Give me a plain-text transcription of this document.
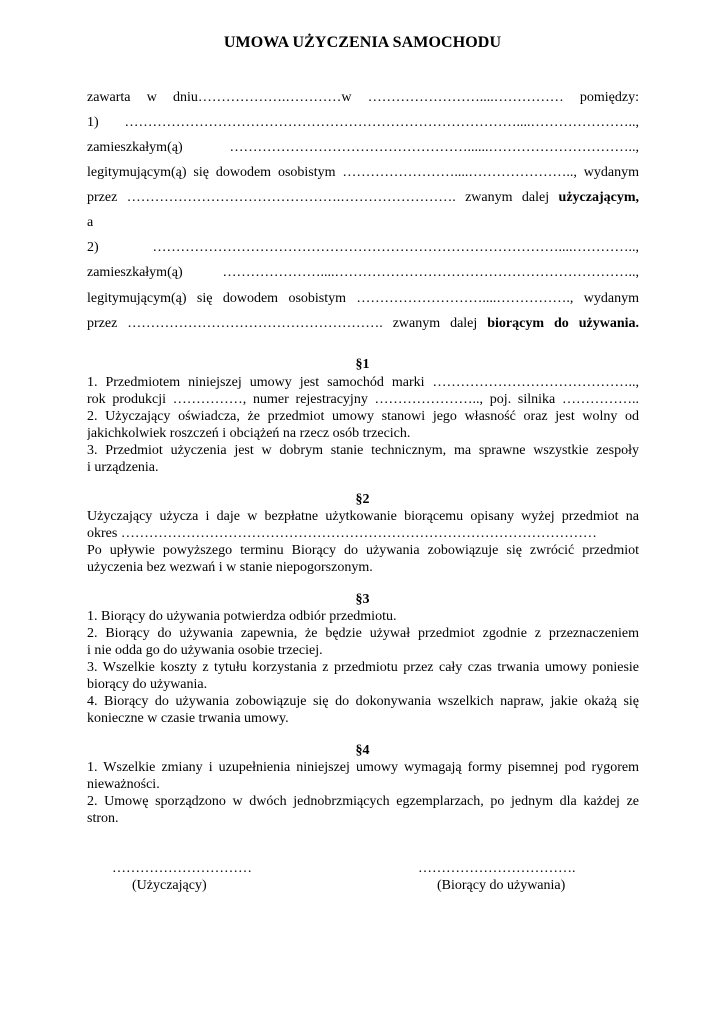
UMOWA UŻYCZENIA SAMOCHODU
zawarta w dniu……………….…………w ……………………....…………… pomiędzy:
1) …………………………………………………………………………....…………………..,
zamieszkałym(ą) ……………………………………………......…………………………..,
legitymującym(ą) się dowodem osobistym ……………………....………………….., wydanym
przez ……………………………………….……………………. zwanym dalej użyczającym,
a
2) ……………………………………………………………………………....…………..,
zamieszkałym(ą) …………………....………………………………………………………..,
legitymującym(ą) się dowodem osobistym ………………………....……………., wydanym
przez ………………………………………………. zwanym dalej biorącym do używania.
§1
1. Przedmiotem niniejszej umowy jest samochód marki ……………………………………..,
rok produkcji ……………, numer rejestracyjny ………………….., poj. silnika ……………..
2. Użyczający oświadcza, że przedmiot umowy stanowi jego własność oraz jest wolny od
jakichkolwiek roszczeń i obciążeń na rzecz osób trzecich.
3. Przedmiot użyczenia jest w dobrym stanie technicznym, ma sprawne wszystkie zespoły
i urządzenia.
§2
Użyczający użycza i daje w bezpłatne użytkowanie biorącemu opisany wyżej przedmiot na
okres …………………………………………………………………………………………
Po upływie powyższego terminu Biorący do używania zobowiązuje się zwrócić przedmiot
użyczenia bez wezwań i w stanie niepogorszonym.
§3
1. Biorący do używania potwierdza odbiór przedmiotu.
2. Biorący do używania zapewnia, że będzie używał przedmiot zgodnie z przeznaczeniem
i nie odda go do używania osobie trzeciej.
3. Wszelkie koszty z tytułu korzystania z przedmiotu przez cały czas trwania umowy poniesie
biorący do używania.
4. Biorący do używania zobowiązuje się do dokonywania wszelkich napraw, jakie okażą się
konieczne w czasie trwania umowy.
§4
1. Wszelkie zmiany i uzupełnienia niniejszej umowy wymagają formy pisemnej pod rygorem
nieważności.
2. Umowę sporządzono w dwóch jednobrzmiących egzemplarzach, po jednym dla każdej ze
stron.
…………………………
(Użyczający)
…………………………….
(Biorący do używania)
